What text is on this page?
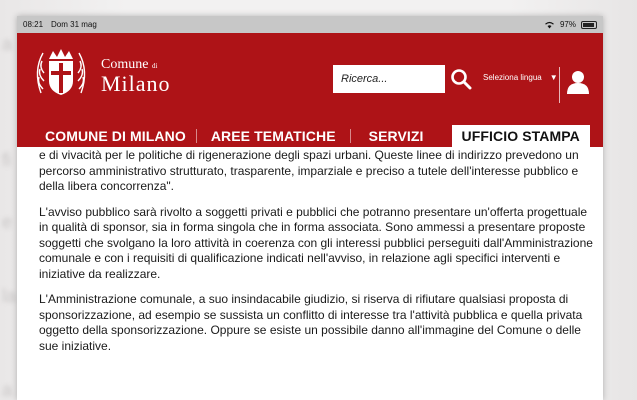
a
fi
e
la
a
08:21 Dom 31 mag	97%
Comune di
Milano
Ricerca...	Seleziona lingua ▼
COMUNE DI MILANO	AREE TEMATICHE	SERVIZI	UFFICIO STAMPA

e di vivacità per le politiche di rigenerazione degli spazi urbani. Queste linee di indirizzo prevedono un percorso amministrativo strutturato, trasparente, imparziale e preciso a tutele dell'interesse pubblico e della libera concorrenza".

L'avviso pubblico sarà rivolto a soggetti privati e pubblici che potranno presentare un'offerta progettuale in qualità di sponsor, sia in forma singola che in forma associata. Sono ammessi a presentare proposte soggetti che svolgano la loro attività in coerenza con gli interessi pubblici perseguiti dall'Amministrazione comunale e con i requisiti di qualificazione indicati nell'avviso, in relazione agli specifici interventi e iniziative da realizzare.

L'Amministrazione comunale, a suo insindacabile giudizio, si riserva di rifiutare qualsiasi proposta di sponsorizzazione, ad esempio se sussista un conflitto di interesse tra l'attività pubblica e quella privata oggetto della sponsorizzazione. Oppure se esiste un possibile danno all'immagine del Comune o delle sue iniziative.
